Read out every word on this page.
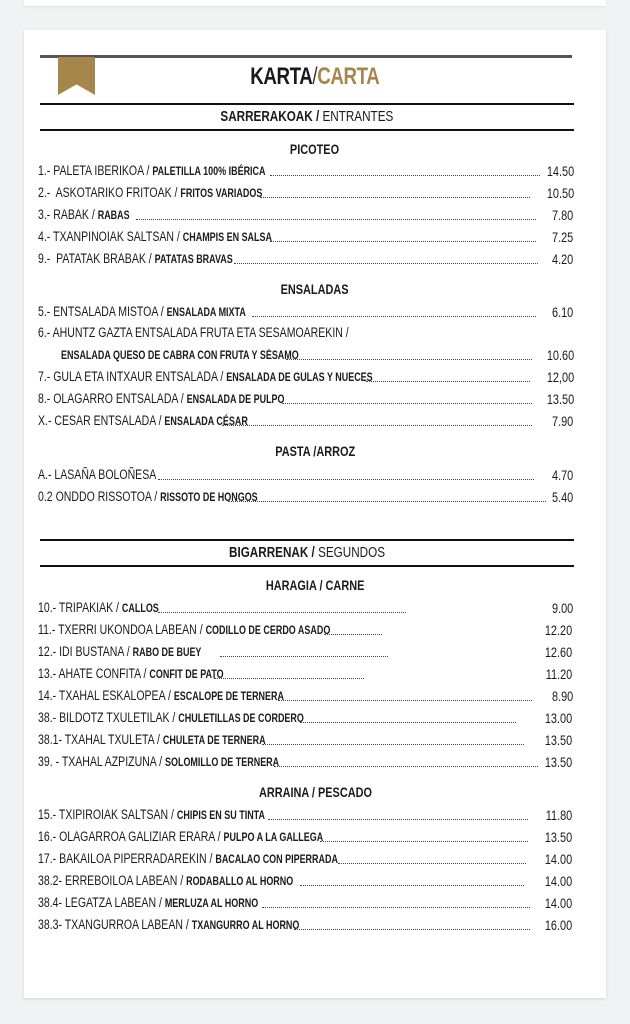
KARTA/CARTA
SARRERAKOAK / ENTRANTES
PICOTEO
1.- PALETA IBERIKOA / PALETILLA 100% IBÉRICA	14.50
2.- ASKOTARIKO FRITOAK / FRITOS VARIADOS	10.50
3.- RABAK / RABAS	7.80
4.- TXANPINOIAK SALTSAN / CHAMPIS EN SALSA	7.25
9.- PATATAK BRABAK / PATATAS BRAVAS	4.20
ENSALADAS
5.- ENTSALADA MISTOA / ENSALADA MIXTA	6.10
6.- AHUNTZ GAZTA ENTSALADA FRUTA ETA SESAMOAREKIN /
ENSALADA QUESO DE CABRA CON FRUTA Y SÉSAMO	10.60
7.- GULA ETA INTXAUR ENTSALADA / ENSALADA DE GULAS Y NUECES	12,00
8.- OLAGARRO ENTSALADA / ENSALADA DE PULPO	13.50
X.- CESAR ENTSALADA / ENSALADA CÉSAR	7.90
PASTA /ARROZ
A.- LASAÑA BOLOÑESA	4.70
0.2 ONDDO RISSOTOA / RISSOTO DE HONGOS	5.40
BIGARRENAK / SEGUNDOS
HARAGIA / CARNE
10.- TRIPAKIAK / CALLOS	9.00
11.- TXERRI UKONDOA LABEAN / CODILLO DE CERDO ASADO	12.20
12.- IDI BUSTANA / RABO DE BUEY	12.60
13.- AHATE CONFITA / CONFIT DE PATO	11.20
14.- TXAHAL ESKALOPEA / ESCALOPE DE TERNERA	8.90
38.- BILDOTZ TXULETILAK / CHULETILLAS DE CORDERO	13.00
38.1- TXAHAL TXULETA / CHULETA DE TERNERA	13.50
39. - TXAHAL AZPIZUNA / SOLOMILLO DE TERNERA	13.50
ARRAINA / PESCADO
15.- TXIPIROIAK SALTSAN / CHIPIS EN SU TINTA	11.80
16.- OLAGARROA GALIZIAR ERARA / PULPO A LA GALLEGA	13.50
17.- BAKAILOA PIPERRADAREKIN / BACALAO CON PIPERRADA	14.00
38.2- ERREBOILOA LABEAN / RODABALLO AL HORNO	14.00
38.4- LEGATZA LABEAN / MERLUZA AL HORNO	14.00
38.3- TXANGURROA LABEAN / TXANGURRO AL HORNO	16.00
